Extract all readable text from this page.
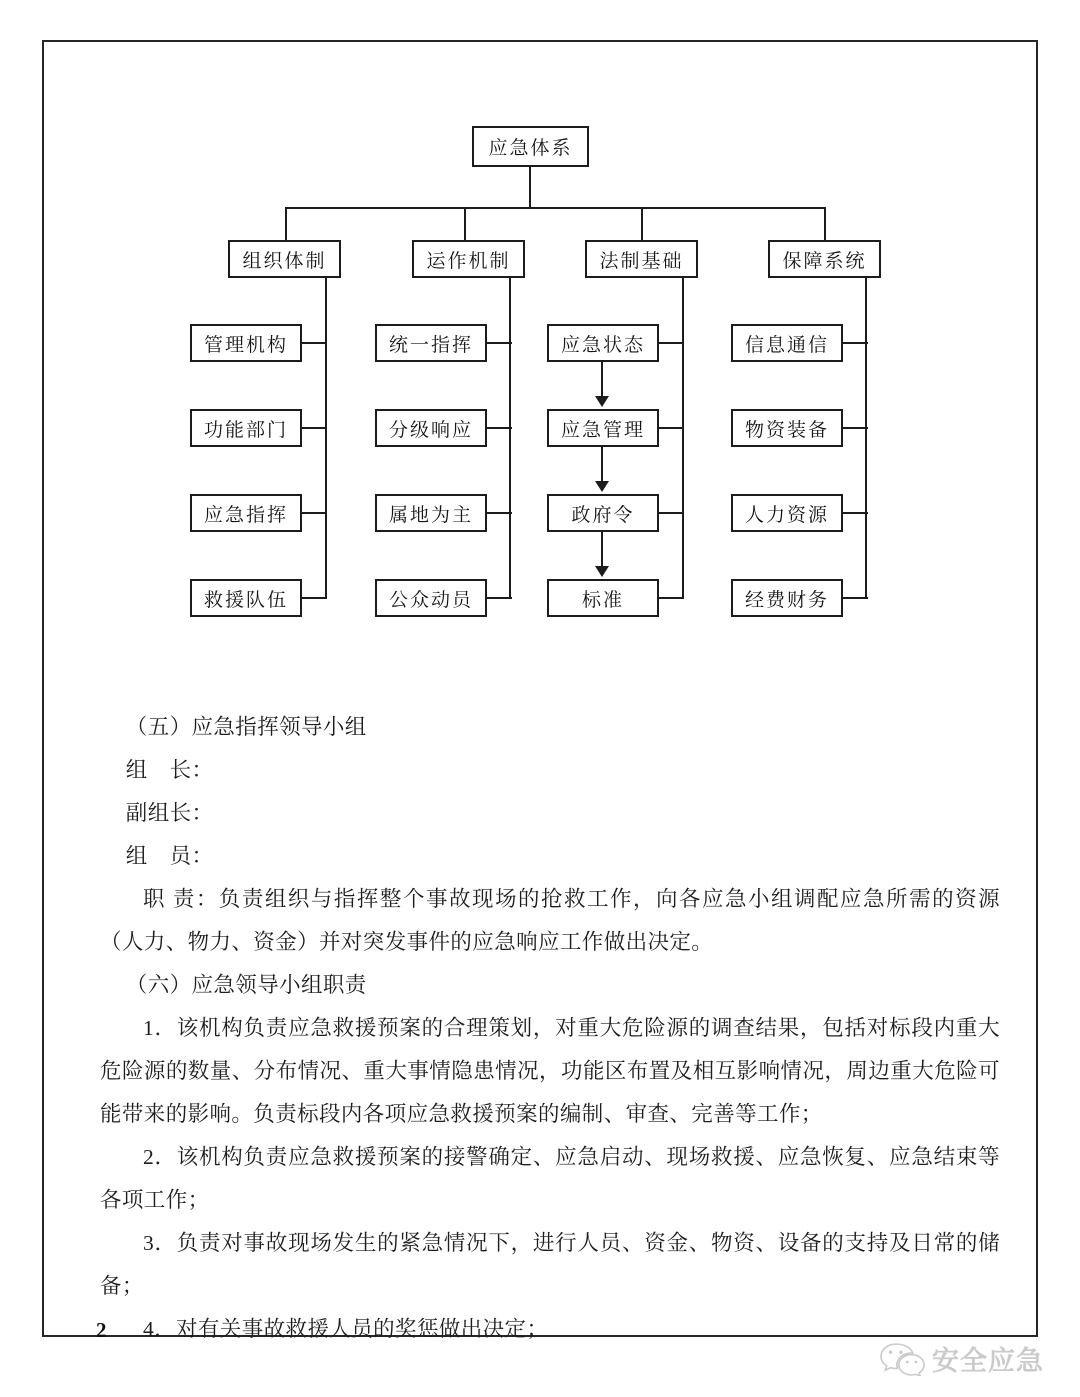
应急体系
组织体制
管理机构
功能部门
应急指挥
救援队伍
运作机制
统一指挥
分级响应
属地为主
公众动员
法制基础
应急状态
应急管理
政府令
标准
保障系统
信息通信
物资装备
人力资源
经费财务

（五）应急指挥领导小组

组　长：

副组长：

组　员：

职 责：负责组织与指挥整个事故现场的抢救工作，向各应急小组调配应急所需的资源（人力、物力、资金）并对突发事件的应急响应工作做出决定。

（六）应急领导小组职责

1．该机构负责应急救援预案的合理策划，对重大危险源的调查结果，包括对标段内重大危险源的数量、分布情况、重大事情隐患情况，功能区布置及相互影响情况，周边重大危险可能带来的影响。负责标段内各项应急救援预案的编制、审查、完善等工作；

2．该机构负责应急救援预案的接警确定、应急启动、现场救援、应急恢复、应急结束等各项工作；

3．负责对事故现场发生的紧急情况下，进行人员、资金、物资、设备的支持及日常的储备；

4．对有关事故救援人员的奖惩做出决定；

2
安全应急
